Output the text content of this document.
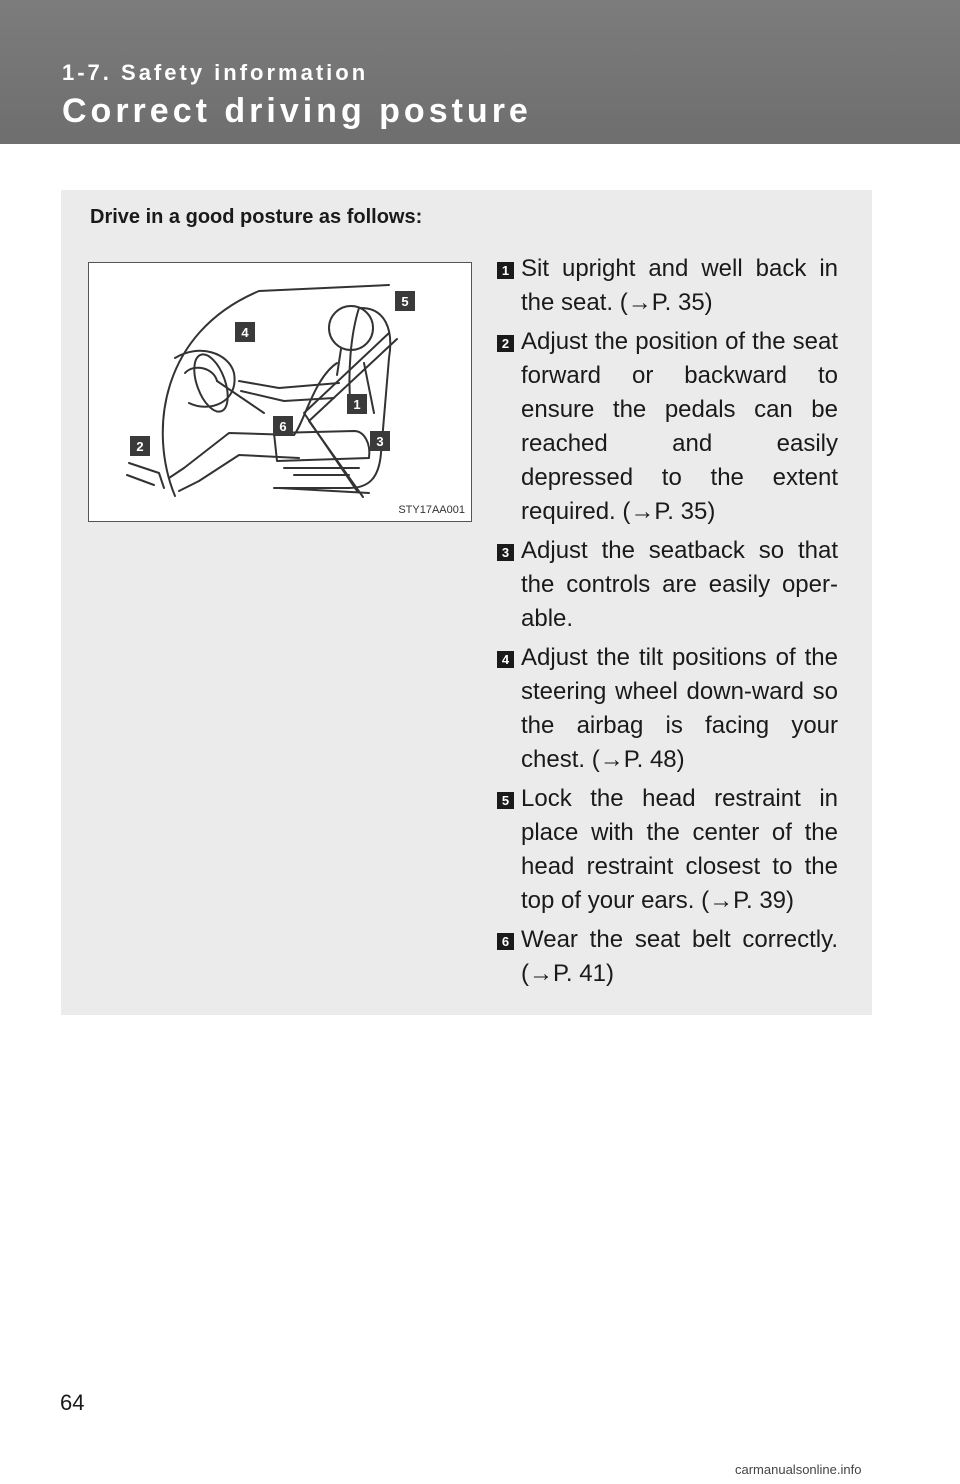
1-7. Safety information
Correct driving posture
Drive in a good posture as follows:
1
2	3
4
5
6
STY17AA001
1 Sit upright and well back in the seat. (→P. 35)
2 Adjust the position of the seat forward or backward to ensure the pedals can be reached and easily depressed to the extent required. (→P. 35)
3 Adjust the seatback so that the controls are easily oper-able.
4 Adjust the tilt positions of the steering wheel down-ward so the airbag is facing your chest. (→P. 48)
5 Lock the head restraint in place with the center of the head restraint closest to the top of your ears. (→P. 39)
6 Wear the seat belt correctly. (→P. 41)
64
carmanualsonline.info
